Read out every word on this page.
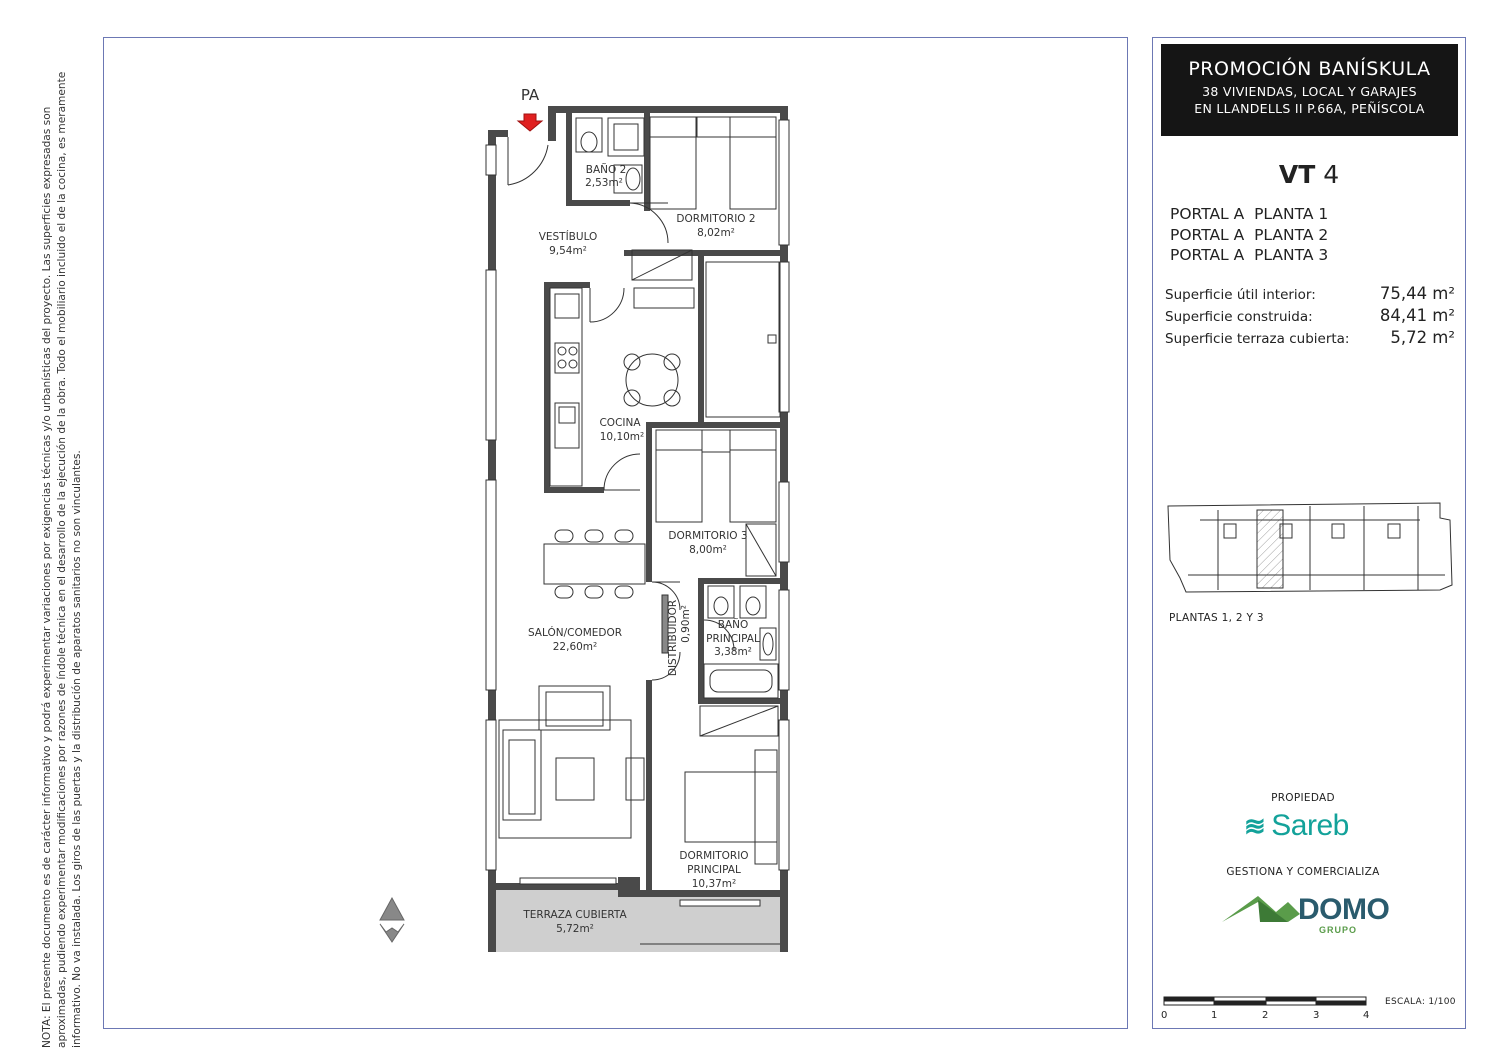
NOTA: El presente documento es de carácter informativo y podrá experimentar variaciones por exigencias técnicas y/o urbanísticas del proyecto. Las superficies expresadas son aproximadas, pudiendo experimentar modificaciones por razones de índole técnica en el desarrollo de la ejecución de la obra. Todo el mobiliario incluido el de la cocina, es meramente informativo. No va instalada. Los giros de las puertas y la distribución de aparatos sanitarios no son vinculantes.
PA
BAÑO 2
2,53m²
DORMITORIO 2
8,02m²
VESTÍBULO
9,54m²
COCINA
10,10m²
DORMITORIO 3
8,00m²
SALÓN/COMEDOR
22,60m²	DISTRIBUIDOR 0,90m² BAÑO
PRINCIPAL
3,38m²
DORMITORIO
PRINCIPAL
10,37m²
TERRAZA CUBIERTA
5,72m²
PROMOCIÓN BANÍSKULA
38 VIVIENDAS, LOCAL Y GARAJES
EN LLANDELLS II P.66A, PEÑÍSCOLA
VT 4
PORTAL A  PLANTA 1
PORTAL A  PLANTA 2
PORTAL A  PLANTA 3
Superficie útil interior:	75,44 m²
Superficie construida:	84,41 m²
Superficie terraza cubierta: 5,72 m²
PLANTAS 1, 2 Y 3
PROPIEDAD
≋ Sareb
GESTIONA Y COMERCIALIZA
DOMO
GRUPO
ESCALA: 1/100
0	1	2	3	4
